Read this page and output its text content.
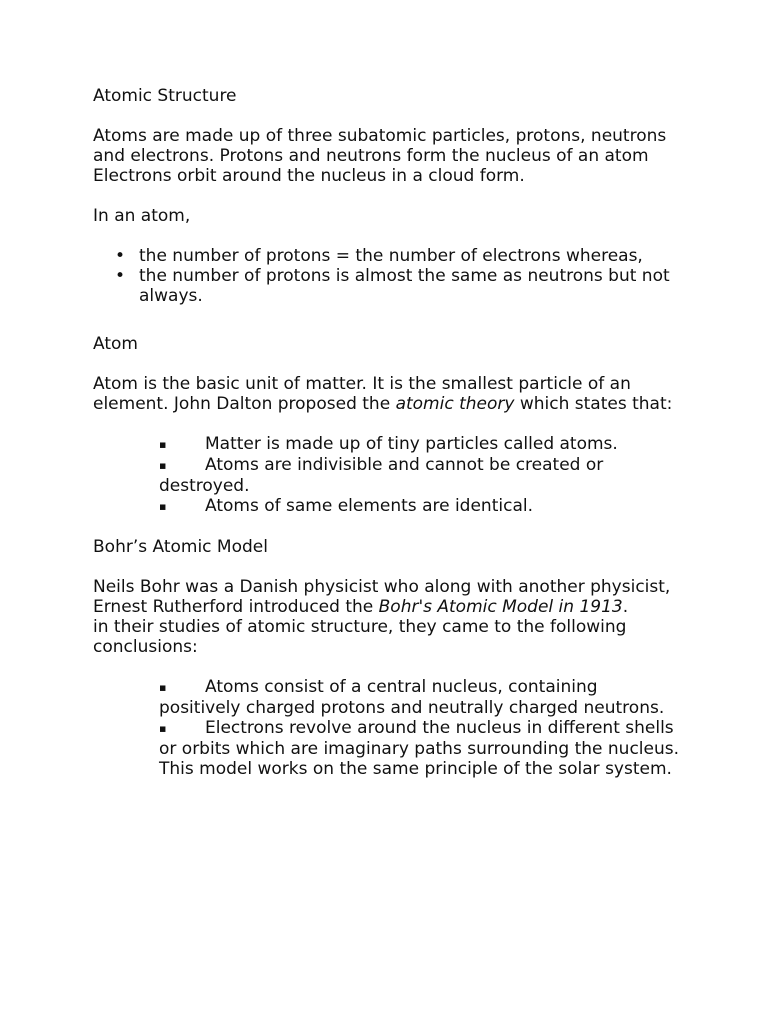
Atomic Structure

Atoms are made up of three subatomic particles, protons, neutrons and electrons. Protons and neutrons form the nucleus of an atom Electrons orbit around the nucleus in a cloud form.

In an atom,

• the number of protons = the number of electrons whereas,
• the number of protons is almost the same as neutrons but not always.

Atom

Atom is the basic unit of matter. It is the smallest particle of an element. John Dalton proposed the atomic theory which states that:

▪ Matter is made up of tiny particles called atoms.
▪ Atoms are indivisible and cannot be created or destroyed.
▪ Atoms of same elements are identical.

Bohr’s Atomic Model

Neils Bohr was a Danish physicist who along with another physicist, Ernest Rutherford introduced the Bohr's Atomic Model in 1913.

in their studies of atomic structure, they came to the following conclusions:

▪ Atoms consist of a central nucleus, containing positively charged protons and neutrally charged neutrons.
▪ Electrons revolve around the nucleus in different shells or orbits which are imaginary paths surrounding the nucleus. This model works on the same principle of the solar system.
